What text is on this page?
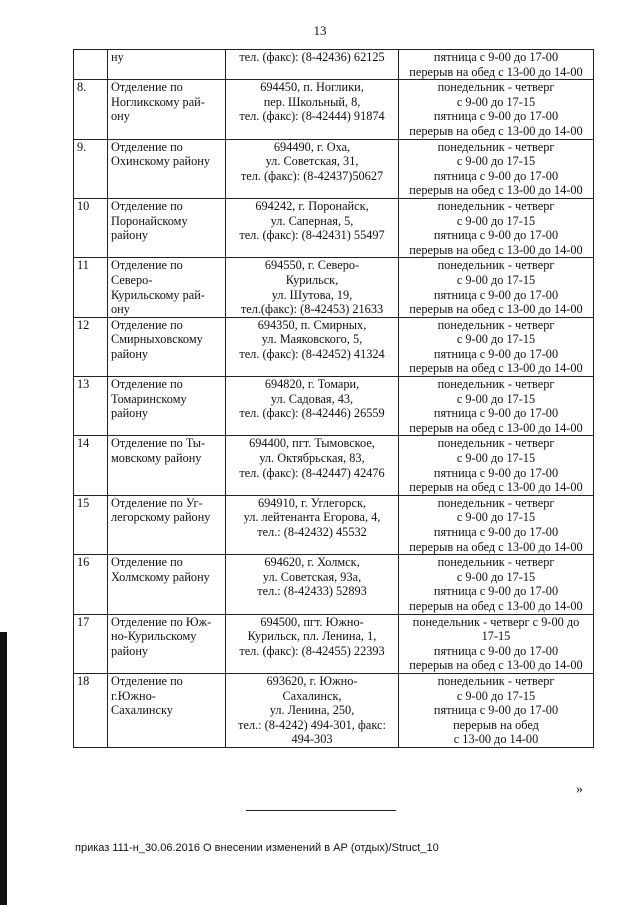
13

	ну	тел. (факс): (8-42436) 62125	пятница с 9-00 до 17-00
перерыв на обед с 13-00 до 14-00

8.	Отделение по
Ногликскому рай-
ону	694450, п. Ноглики,
пер. Школьный, 8,
тел. (факс): (8-42444) 91874	понедельник - четверг
с 9-00 до 17-15
пятница с 9-00 до 17-00
перерыв на обед с 13-00 до 14-00

9.	Отделение по
Охинскому району	694490, г. Оха,
ул. Советская, 31,
тел. (факс): (8-42437)50627	понедельник - четверг
с 9-00 до 17-15
пятница с 9-00 до 17-00
перерыв на обед с 13-00 до 14-00

10	Отделение по
Поронайскому
району	694242, г. Поронайск,
ул. Саперная, 5,
тел. (факс): (8-42431) 55497	понедельник - четверг
с 9-00 до 17-15
пятница с 9-00 до 17-00
перерыв на обед с 13-00 до 14-00

11	Отделение по
Северо-
Курильскому рай-
ону	694550, г. Северо-
Курильск,
ул. Шутова, 19,
тел.(факс): (8-42453) 21633	понедельник - четверг
с 9-00 до 17-15
пятница с 9-00 до 17-00
перерыв на обед с 13-00 до 14-00

12	Отделение по
Смирныховскому
району	694350, п. Смирных,
ул. Маяковского, 5,
тел. (факс): (8-42452) 41324	понедельник - четверг
с 9-00 до 17-15
пятница с 9-00 до 17-00
перерыв на обед с 13-00 до 14-00

13	Отделение по
Томаринскому
району	694820, г. Томари,
ул. Садовая, 43,
тел. (факс): (8-42446) 26559	понедельник - четверг
с 9-00 до 17-15
пятница с 9-00 до 17-00
перерыв на обед с 13-00 до 14-00

14	Отделение по Ты-
мовскому району	694400, пгт. Тымовское,
ул. Октябрьская, 83,
тел. (факс): (8-42447) 42476	понедельник - четверг
с 9-00 до 17-15
пятница с 9-00 до 17-00
перерыв на обед с 13-00 до 14-00

15	Отделение по Уг-
легорскому району	694910, г. Углегорск,
ул. лейтенанта Егорова, 4,
тел.: (8-42432) 45532	понедельник - четверг
с 9-00 до 17-15
пятница с 9-00 до 17-00
перерыв на обед с 13-00 до 14-00

16	Отделение по
Холмскому району	694620, г. Холмск,
ул. Советская, 93а,
тел.: (8-42433) 52893	понедельник - четверг
с 9-00 до 17-15
пятница с 9-00 до 17-00
перерыв на обед с 13-00 до 14-00

17	Отделение по Юж-
но-Курильскому
району	694500, пгт. Южно-
Курильск, пл. Ленина, 1,
тел. (факс): (8-42455) 22393	понедельник - четверг с 9-00 до
17-15
пятница с 9-00 до 17-00
перерыв на обед с 13-00 до 14-00

18	Отделение по
г.Южно-
Сахалинску	693620, г. Южно-
Сахалинск,
ул. Ленина, 250,
тел.: (8-4242) 494-301, факс:
494-303	понедельник - четверг
с 9-00 до 17-15
пятница с 9-00 до 17-00
перерыв на обед
с 13-00 до 14-00
»
приказ 111-н_30.06.2016 О внесении изменений в АР (отдых)/Struct_10
